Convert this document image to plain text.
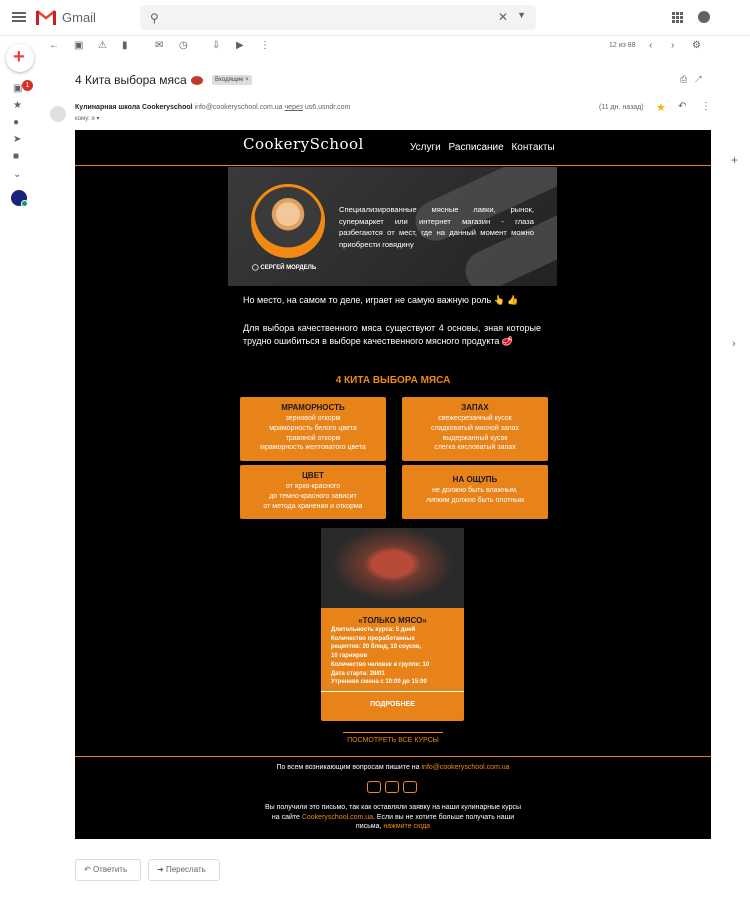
Gmail	⚲	✕ ▼
+
▣ 1
★
●
➤
■
⌄
← ▣ ⚠ ▮	✉ ◷ ⇩ ▶ ⋮	12 из 88 ‹ › ⚙
4 Кита выбора мяса	Входящие ×	⎙   ↗
Кулинарная школа Cookeryschool info@cookeryschool.com.ua через us6.usndr.com
кому: я ▾
(11 дн. назад) ★ ↶ ⋮
+
›
CookerySchool	Услуги Расписание Контакты
Специализированные мясные лавки, рынок, супермаркет или интернет магазин - глаза разбегаются от мест, где на данный момент можно приобрести говядину
◯ СЕРГЕЙ МОРДЕЛЬ
Но место, на самом то деле, играет не самую важную роль 👆 👍
Для выбора качественного мяса существуют 4 основы, зная которые трудно ошибиться в выборе качественного мясного продукта 🥩
4 КИТА ВЫБОРА МЯСА
МРАМОРНОСТЬ
зерновой откорм
мраморность белого цвета
травяной откорм
мраморность желтоватого цвета
ЗАПАХ
свежесрезанный кусок
сладковатый мясной запах
выдержанный кусок
слегка кисловатый запах
ЦВЕТ
от ярко-красного
до темно-красного зависит
от метода хранения и откорма
НА ОЩУПЬ
не должно быть влажным,
липким должно быть плотным
«ТОЛЬКО МЯСО»
Длительность курса: 5 дней
Количество проработанных
рецептов: 20 блюд, 10 соусов,
10 гарниров
Количество человек в группе: 10
Дата старта: 28/01
Утренняя смена с 10:00 до 15:00
ПОДРОБНЕЕ
ПОСМОТРЕТЬ ВСЕ КУРСЫ
По всем возникающим вопросам пишите на info@cookeryschool.com.ua
Вы получили это письмо, так как оставляли заявку на наши кулинарные курсы на сайте Cookeryschool.com.ua. Если вы не хотите больше получать наши письма, нажмите сюда
↶ Ответить	➜ Переслать
